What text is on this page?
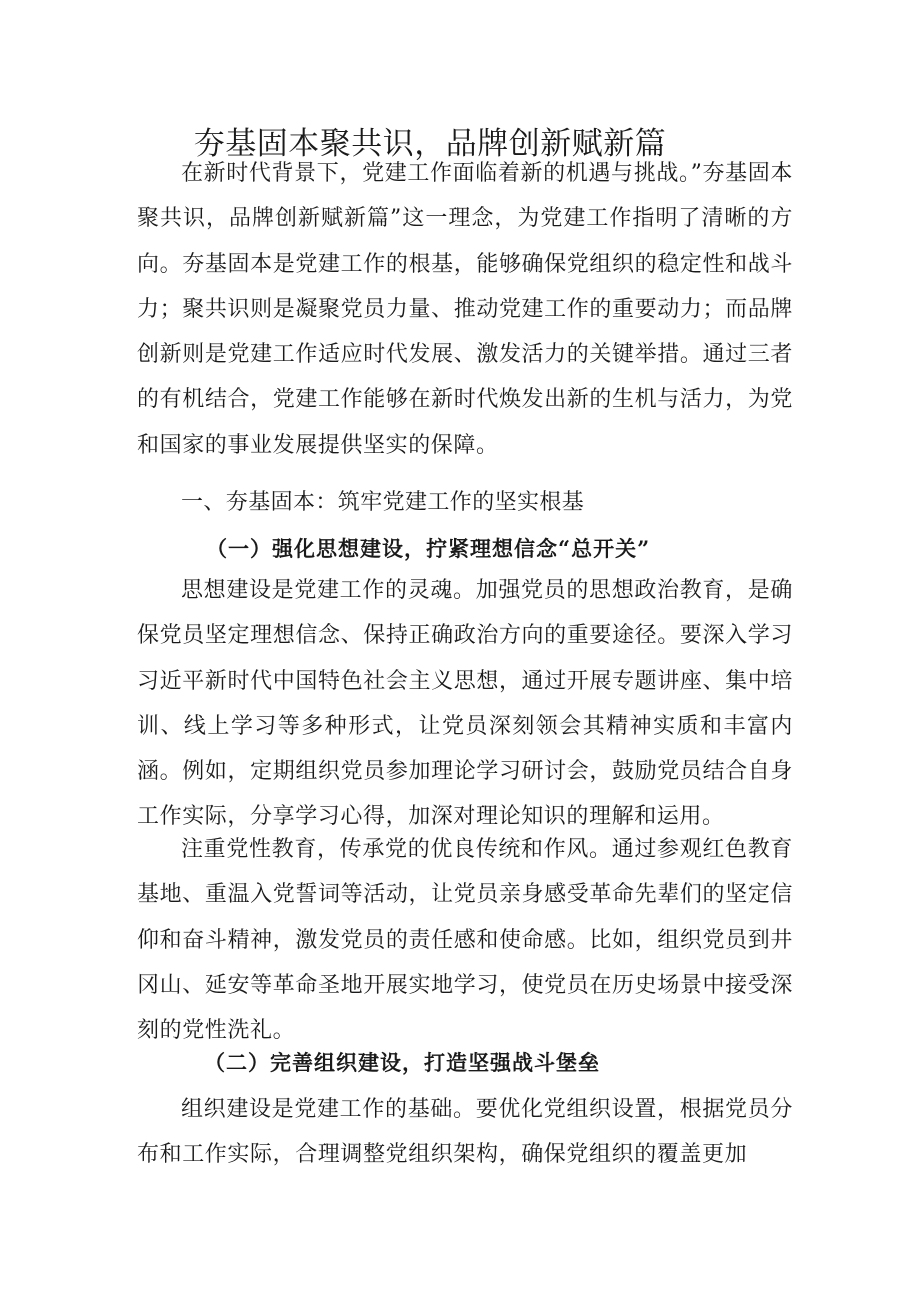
夯基固本聚共识，品牌创新赋新篇

在新时代背景下，党建工作面临着新的机遇与挑战。”夯基固本聚共识，品牌创新赋新篇”这一理念，为党建工作指明了清晰的方向。夯基固本是党建工作的根基，能够确保党组织的稳定性和战斗力；聚共识则是凝聚党员力量、推动党建工作的重要动力；而品牌创新则是党建工作适应时代发展、激发活力的关键举措。通过三者的有机结合，党建工作能够在新时代焕发出新的生机与活力，为党和国家的事业发展提供坚实的保障。

一、夯基固本：筑牢党建工作的坚实根基
（一）强化思想建设，拧紧理想信念“总开关”

思想建设是党建工作的灵魂。加强党员的思想政治教育，是确保党员坚定理想信念、保持正确政治方向的重要途径。要深入学习习近平新时代中国特色社会主义思想，通过开展专题讲座、集中培训、线上学习等多种形式，让党员深刻领会其精神实质和丰富内涵。例如，定期组织党员参加理论学习研讨会，鼓励党员结合自身工作实际，分享学习心得，加深对理论知识的理解和运用。

注重党性教育，传承党的优良传统和作风。通过参观红色教育基地、重温入党誓词等活动，让党员亲身感受革命先辈们的坚定信仰和奋斗精神，激发党员的责任感和使命感。比如，组织党员到井冈山、延安等革命圣地开展实地学习，使党员在历史场景中接受深刻的党性洗礼。

（二）完善组织建设，打造坚强战斗堡垒

组织建设是党建工作的基础。要优化党组织设置，根据党员分布和工作实际，合理调整党组织架构，确保党组织的覆盖更加
